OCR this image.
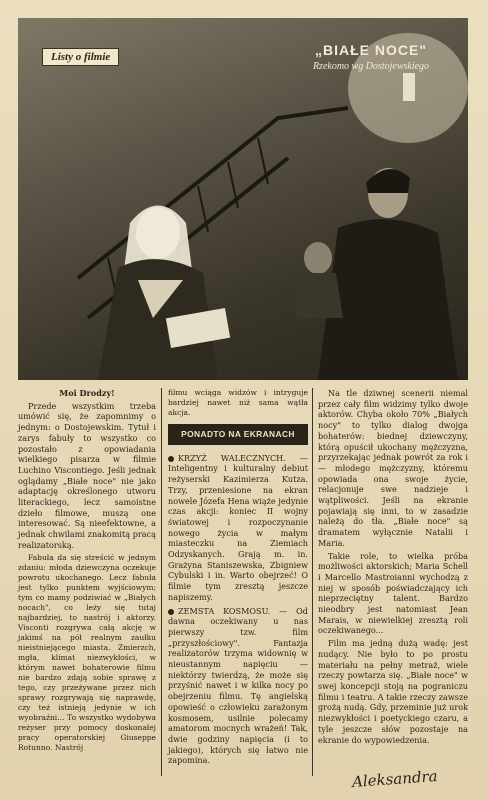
Listy o filmie	„BIAŁE NOCE"
Rzekomo wg Dostojewskiego
Moi Drodzy!

Przede wszystkim trzeba umówić się, że zapomnimy o jednym: o Dostojewskim. Tytuł i zarys fabuły to wszystko co pozostało z opowiadania wielkiego pisarza w filmie Luchino Viscontiego. Jeśli jednak oglądamy „Białe noce" nie jako adaptację określonego utworu literackiego, lecz samoistne dzieło filmowe, muszą one interesować. Są nieefektowne, a jednak chwilami znakomitą pracą realizatorską.

Fabuła da się streścić w jednym zdaniu: młoda dziewczyna oczekuje powrotu ukochanego. Lecz fabuła jest tylko punktem wyjściowym; tym co mamy podziwiać w „Białych nocach", co leży się tutaj najbardziej, to nastrój i aktorzy. Visconti rozgrywa całą akcję w jakimś na pół realnym zaułku nieistniejącego miasta. Zmierzch, mgła, klimat niezwykłości, w którym nawet bohaterowie filmu nie bardzo zdają sobie sprawę z tego, czy przeżywane przez nich sprawy rozgrywają się naprawdę, czy też istnieją jedynie w ich wyobraźni... To wszystko wydobywa reżyser przy pomocy doskonałej pracy operatorskiej Giuseppe Rotunno. Nastrój

filmu wciąga widzów i intryguje bardziej nawet niż sama wątła akcja.

PONADTO NA EKRANACH
KRZYŻ WALECZNYCH. — Inteligentny i kulturalny debiut reżyserski Kazimierza Kutza. Trzy, przeniesione na ekran nowele Józefa Hena wiąże jedynie czas akcji: koniec II wojny światowej i rozpoczynanie nowego życia w małym miasteczku na Ziemiach Odzyskanych. Grają m. in. Grażyna Staniszewska, Zbigniew Cybulski i in. Warto obejrzeć! O filmie tym zresztą jeszcze napiszemy.
ZEMSTA KOSMOSU. — Od dawna oczekiwany u nas pierwszy tzw. film „przyszłościowy". Fantazja realizatorów trzyma widownię w nieustannym napięciu — niektórzy twierdzą, że może się przyśnić nawet i w kilka nocy po obejrzeniu filmu. Tę angielską opowieść o człowieku zarażonym kosmosem, usilnie polecamy amatorom mocnych wrażeń! Tak, dwie godziny napięcia (i to jakiego), których się łatwo nie zapomina.

Na tle dziwnej scenerii niemal przez cały film widzimy tylko dwoje aktorów. Chyba około 70% „Białych nocy" to tylko dialog dwojga bohaterów: biednej dziewczyny, którą opuścił ukochany mężczyzna, przyrzekając jednak powrót za rok i — młodego mężczyzny, któremu opowiada ona swoje życie, relacjonuje swe nadzieje i wątpliwości. Jeśli na ekranie pojawiają się inni, to w zasadzie należą do tła. „Białe noce" są dramatem wyłącznie Natalii i Mariа.

Takie role, to wielka próba możliwości aktorskich; Maria Schell i Marcello Mastroianni wychodzą z niej w sposób poświadczający ich nieprzeciętny talent. Bardzo nieodbry jest natomiast Jean Marais, w niewielkiej zresztą roli oczekiwanego...

Film ma jedną dużą wadę: jest nudący. Nie było to po prostu materiału na pełny metraż, wiele rzeczy powtarza się. „Białe noce" w swej koncepcji stoją na pograniczu filmu i teatru. A takie rzeczy zawsze grożą nudą. Gdy, przeminie już urok niezwykłości i poetyckiego czaru, a tyle jeszcze słów pozostaje na ekranie do wypowiedzenia.

Aleksandra
